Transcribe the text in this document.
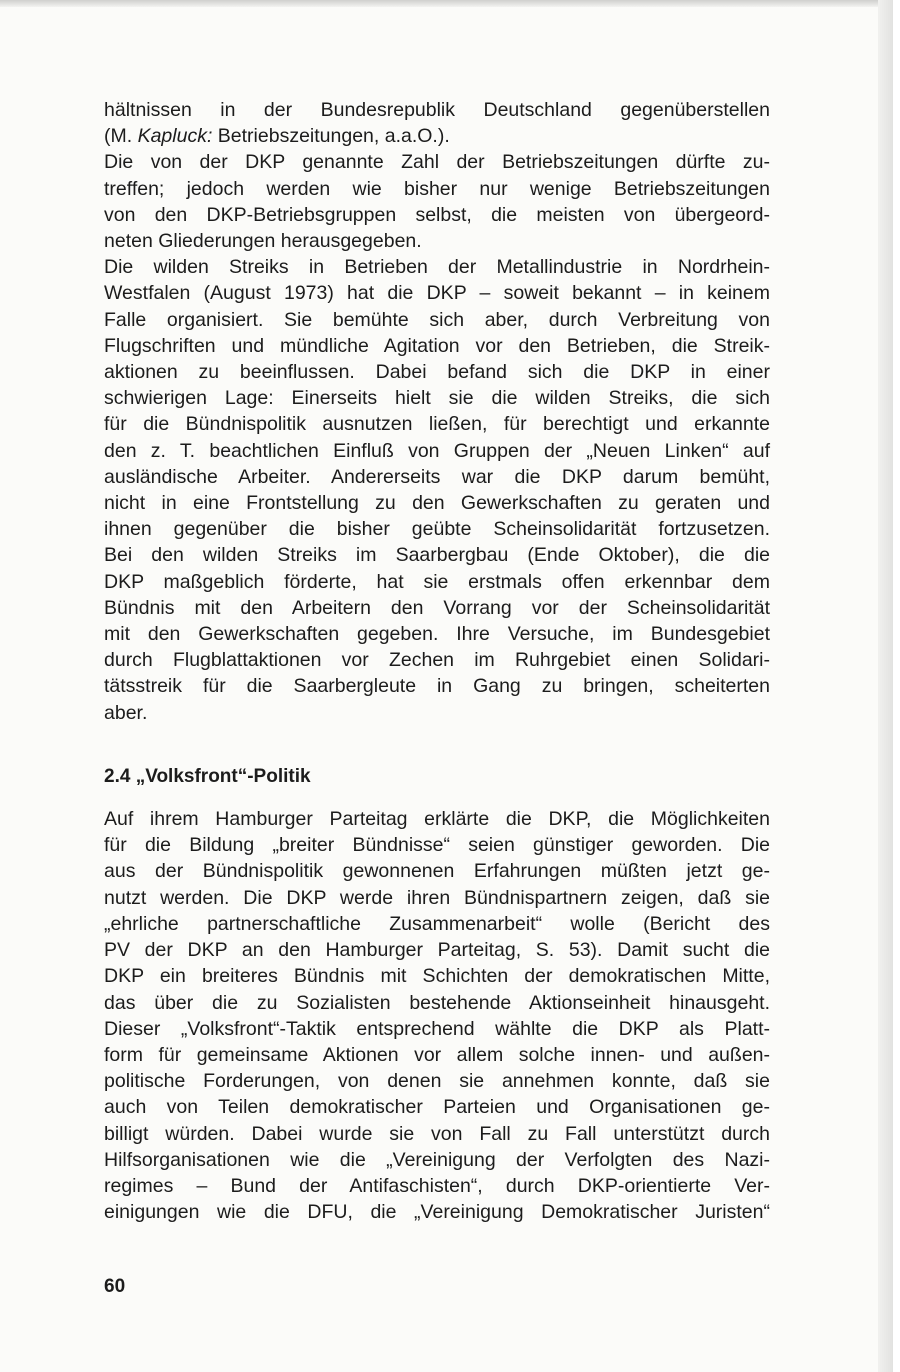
hältnissen in der Bundesrepublik Deutschland gegenüberstellen
(M. Kapluck: Betriebszeitungen, a.a.O.).

Die von der DKP genannte Zahl der Betriebszeitungen dürfte zu-
treffen; jedoch werden wie bisher nur wenige Betriebszeitungen
von den DKP-Betriebsgruppen selbst, die meisten von übergeord-
neten Gliederungen herausgegeben.

Die wilden Streiks in Betrieben der Metallindustrie in Nordrhein-
Westfalen (August 1973) hat die DKP – soweit bekannt – in keinem
Falle organisiert. Sie bemühte sich aber, durch Verbreitung von
Flugschriften und mündliche Agitation vor den Betrieben, die Streik-
aktionen zu beeinflussen. Dabei befand sich die DKP in einer
schwierigen Lage: Einerseits hielt sie die wilden Streiks, die sich
für die Bündnispolitik ausnutzen ließen, für berechtigt und erkannte
den z. T. beachtlichen Einfluß von Gruppen der „Neuen Linken“ auf
ausländische Arbeiter. Andererseits war die DKP darum bemüht,
nicht in eine Frontstellung zu den Gewerkschaften zu geraten und
ihnen gegenüber die bisher geübte Scheinsolidarität fortzusetzen.
Bei den wilden Streiks im Saarbergbau (Ende Oktober), die die
DKP maßgeblich förderte, hat sie erstmals offen erkennbar dem
Bündnis mit den Arbeitern den Vorrang vor der Scheinsolidarität
mit den Gewerkschaften gegeben. Ihre Versuche, im Bundesgebiet
durch Flugblattaktionen vor Zechen im Ruhrgebiet einen Solidari-
tätsstreik für die Saarbergleute in Gang zu bringen, scheiterten
aber.

2.4 „Volksfront“-Politik

Auf ihrem Hamburger Parteitag erklärte die DKP, die Möglichkeiten
für die Bildung „breiter Bündnisse“ seien günstiger geworden. Die
aus der Bündnispolitik gewonnenen Erfahrungen müßten jetzt ge-
nutzt werden. Die DKP werde ihren Bündnispartnern zeigen, daß sie
„ehrliche partnerschaftliche Zusammenarbeit“ wolle (Bericht des
PV der DKP an den Hamburger Parteitag, S. 53). Damit sucht die
DKP ein breiteres Bündnis mit Schichten der demokratischen Mitte,
das über die zu Sozialisten bestehende Aktionseinheit hinausgeht.
Dieser „Volksfront“-Taktik entsprechend wählte die DKP als Platt-
form für gemeinsame Aktionen vor allem solche innen- und außen-
politische Forderungen, von denen sie annehmen konnte, daß sie
auch von Teilen demokratischer Parteien und Organisationen ge-
billigt würden. Dabei wurde sie von Fall zu Fall unterstützt durch
Hilfsorganisationen wie die „Vereinigung der Verfolgten des Nazi-
regimes – Bund der Antifaschisten“, durch DKP-orientierte Ver-
einigungen wie die DFU, die „Vereinigung Demokratischer Juristen“

60
